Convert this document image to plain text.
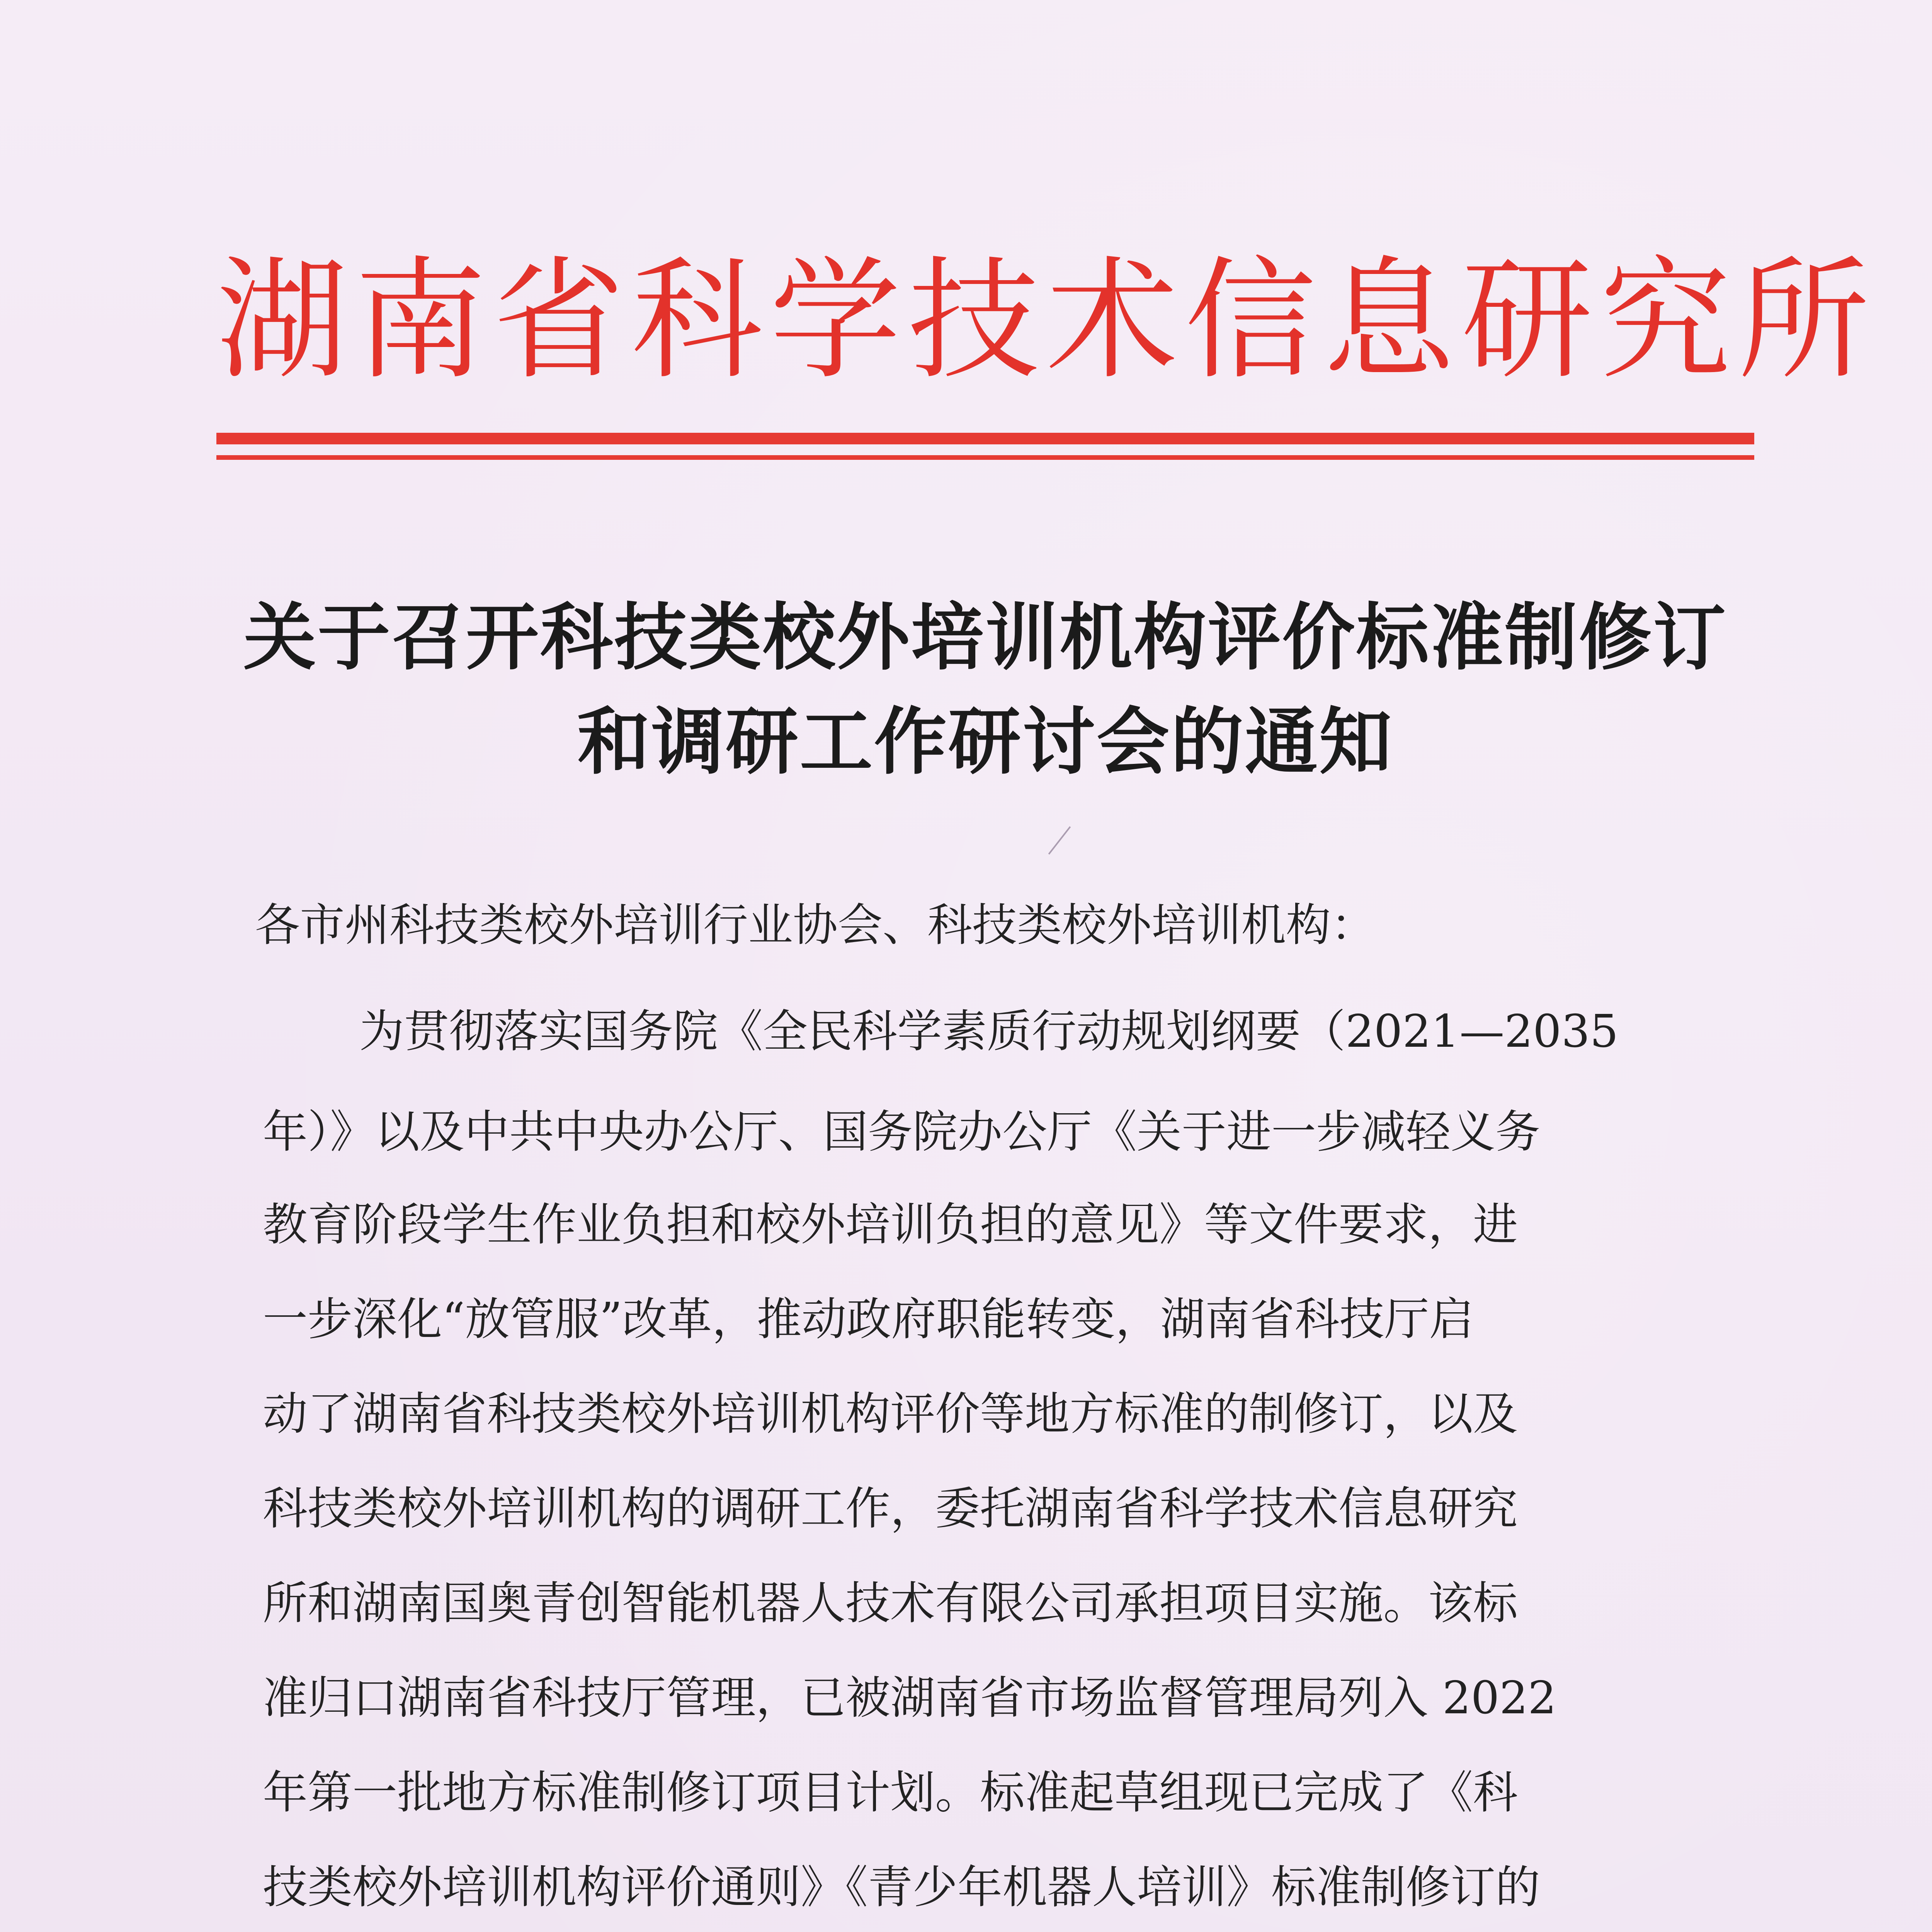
湖南省科学技术信息研究所
关于召开科技类校外培训机构评价标准制修订
和调研工作研讨会的通知
各市州科技类校外培训行业协会、科技类校外培训机构：
为贯彻落实国务院《全民科学素质行动规划纲要（2021—2035
年）》以及中共中央办公厅、国务院办公厅《关于进一步减轻义务
教育阶段学生作业负担和校外培训负担的意见》等文件要求，进
一步深化“放管服”改革，推动政府职能转变，湖南省科技厅启
动了湖南省科技类校外培训机构评价等地方标准的制修订，以及
科技类校外培训机构的调研工作，委托湖南省科学技术信息研究
所和湖南国奥青创智能机器人技术有限公司承担项目实施。该标
准归口湖南省科技厅管理，已被湖南省市场监督管理局列入 2022
年第一批地方标准制修订项目计划。标准起草组现已完成了《科
技类校外培训机构评价通则》《青少年机器人培训》标准制修订的
